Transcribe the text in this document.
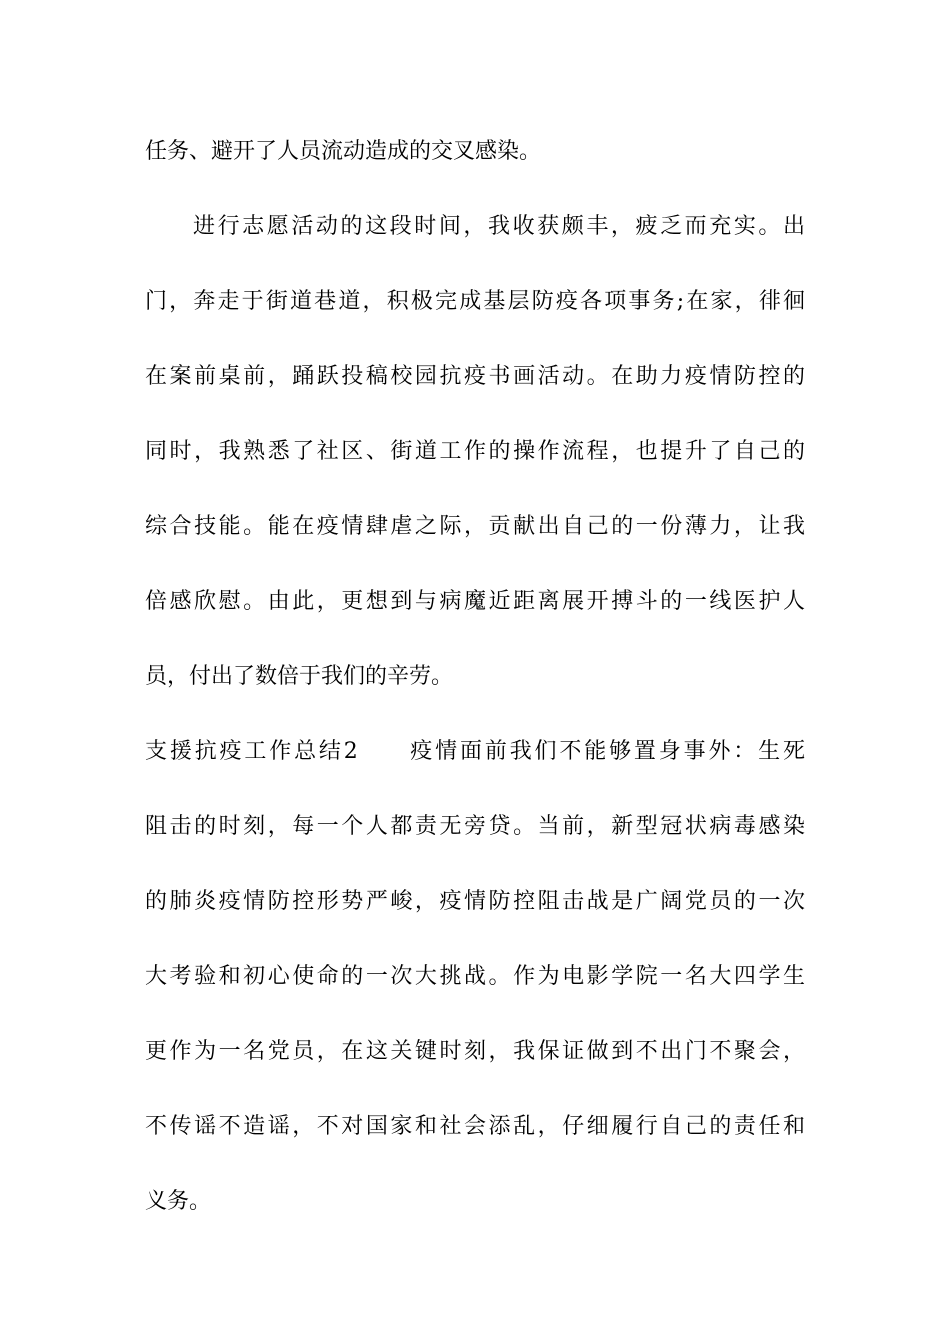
任务、避开了人员流动造成的交叉感染。
进行志愿活动的这段时间，我收获颇丰，疲乏而充实。出
门，奔走于街道巷道，积极完成基层防疫各项事务;在家，徘徊
在案前桌前，踊跃投稿校园抗疫书画活动。在助力疫情防控的
同时，我熟悉了社区、街道工作的操作流程，也提升了自己的
综合技能。能在疫情肆虐之际，贡献出自己的一份薄力，让我
倍感欣慰。由此，更想到与病魔近距离展开搏斗的一线医护人
员，付出了数倍于我们的辛劳。
支援抗疫工作总结2　　疫情面前我们不能够置身事外：生死
阻击的时刻，每一个人都责无旁贷。当前，新型冠状病毒感染
的肺炎疫情防控形势严峻，疫情防控阻击战是广阔党员的一次
大考验和初心使命的一次大挑战。作为电影学院一名大四学生
更作为一名党员，在这关键时刻，我保证做到不出门不聚会，
不传谣不造谣，不对国家和社会添乱，仔细履行自己的责任和
义务。
